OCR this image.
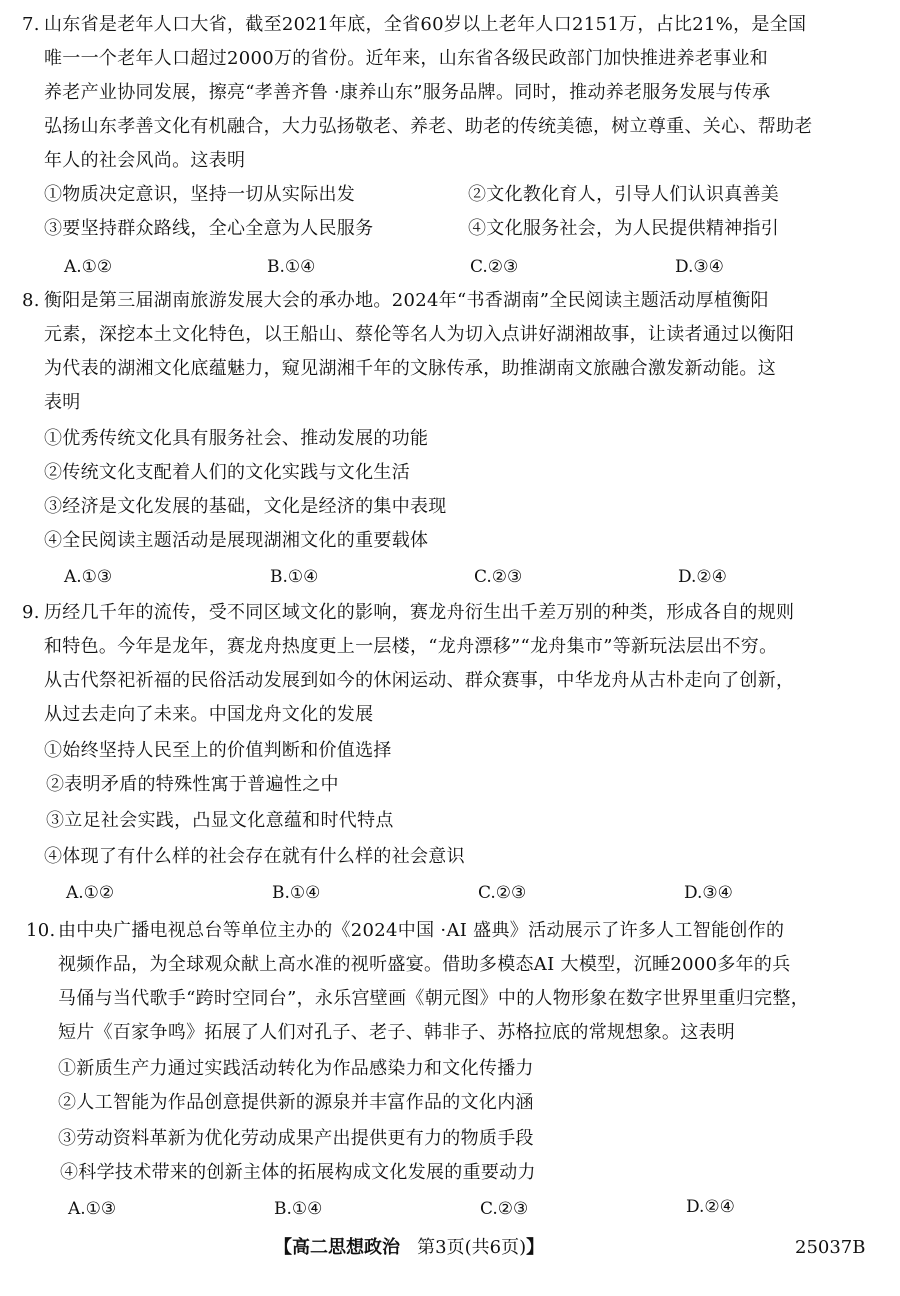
7. 山东省是老年人口大省，截至2021年底，全省60岁以上老年人口2151万，占比21%，是全国
唯一一个老年人口超过2000万的省份。近年来，山东省各级民政部门加快推进养老事业和
养老产业协同发展，擦亮“孝善齐鲁 ·康养山东”服务品牌。同时，推动养老服务发展与传承
弘扬山东孝善文化有机融合，大力弘扬敬老、养老、助老的传统美德，树立尊重、关心、帮助老
年人的社会风尚。这表明
①物质决定意识，坚持一切从实际出发	②文化教化育人，引导人们认识真善美
③要坚持群众路线，全心全意为人民服务	④文化服务社会，为人民提供精神指引
A.①②	B.①④	C.②③	D.③④
8. 衡阳是第三届湖南旅游发展大会的承办地。2024年“书香湖南”全民阅读主题活动厚植衡阳
元素，深挖本土文化特色，以王船山、蔡伦等名人为切入点讲好湖湘故事，让读者通过以衡阳
为代表的湖湘文化底蕴魅力，窥见湖湘千年的文脉传承，助推湖南文旅融合激发新动能。这
表明
①优秀传统文化具有服务社会、推动发展的功能
②传统文化支配着人们的文化实践与文化生活
③经济是文化发展的基础，文化是经济的集中表现
④全民阅读主题活动是展现湖湘文化的重要载体
A.①③	B.①④	C.②③	D.②④
9. 历经几千年的流传，受不同区域文化的影响，赛龙舟衍生出千差万别的种类，形成各自的规则
和特色。今年是龙年，赛龙舟热度更上一层楼，“龙舟漂移”“龙舟集市”等新玩法层出不穷。
从古代祭祀祈福的民俗活动发展到如今的休闲运动、群众赛事，中华龙舟从古朴走向了创新，
从过去走向了未来。中国龙舟文化的发展
①始终坚持人民至上的价值判断和价值选择
②表明矛盾的特殊性寓于普遍性之中
③立足社会实践，凸显文化意蕴和时代特点
④体现了有什么样的社会存在就有什么样的社会意识
A.①②	B.①④	C.②③	D.③④
10. 由中央广播电视总台等单位主办的《2024中国 ·AI 盛典》活动展示了许多人工智能创作的
视频作品，为全球观众献上高水准的视听盛宴。借助多模态AI 大模型，沉睡2000多年的兵
马俑与当代歌手“跨时空同台”，永乐宫壁画《朝元图》中的人物形象在数字世界里重归完整，
短片《百家争鸣》拓展了人们对孔子、老子、韩非子、苏格拉底的常规想象。这表明
①新质生产力通过实践活动转化为作品感染力和文化传播力
②人工智能为作品创意提供新的源泉并丰富作品的文化内涵
③劳动资料革新为优化劳动成果产出提供更有力的物质手段
④科学技术带来的创新主体的拓展构成文化发展的重要动力
A.①③	B.①④	C.②③	D.②④
【高二思想政治 第3页(共6页)】	25037B
